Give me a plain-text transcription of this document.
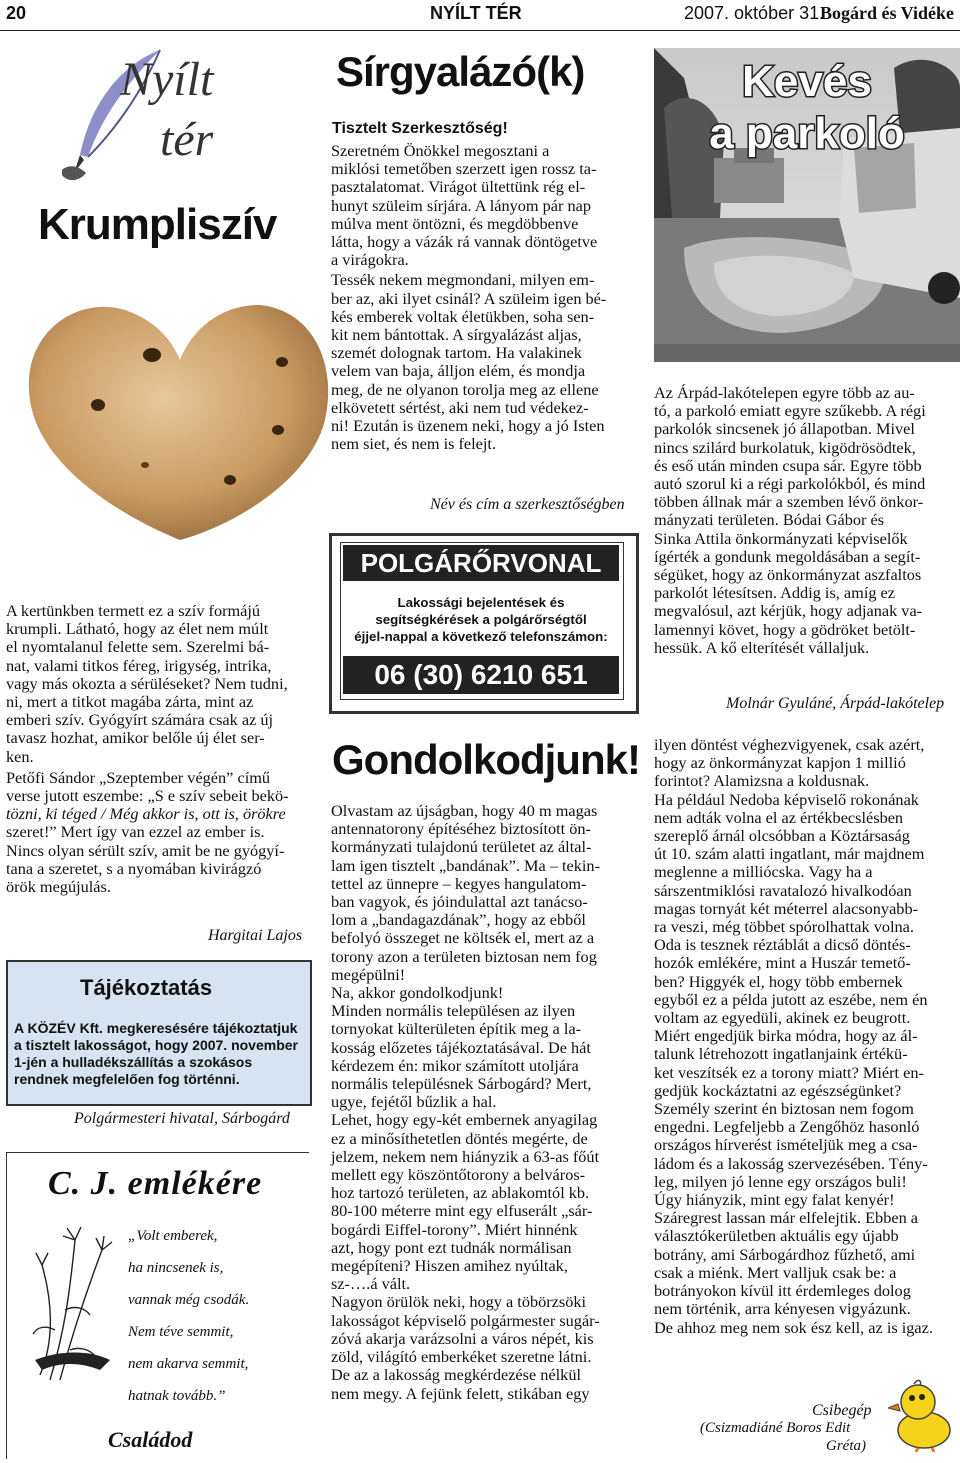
20	NYÍLT TÉR	2007. október 31.
Bogárd és Vidéke
Nyílt
tér
Krumpliszív

A kertünkben termett ez a szív formájú

krumpli. Látható, hogy az élet nem múlt

el nyomtalanul felette sem. Szerelmi bá-

nat, valami titkos féreg, irigység, intrika,

vagy más okozta a sérüléseket? Nem tudni,

ni, mert a titkot magába zárta, mint az

emberi szív. Gyógyírt számára csak az új

tavasz hozhat, amikor belőle új élet ser-

ken.

Petőfi Sándor „Szeptember végén” című

verse jutott eszembe: „S e szív sebeit bekö-

tözni, ki téged / Még akkor is, ott is, örökre

szeret!” Mert így van ezzel az ember is.

Nincs olyan sérült szív, amit be ne gyógyí-

tana a szeretet, s a nyomában kivirágzó

örök megújulás.

Hargitai Lajos
Tájékoztatás
A KÖZÉV Kft. megkeresésére tájékoztatjuk a tisztelt lakosságot, hogy 2007. november 1-jén a hulladékszállítás a szokásos rendnek megfelelően fog történni.
Polgármesteri hivatal, Sárbogárd
C. J. emlékére
„Volt emberek,
ha nincsenek is,
vannak még csodák.
Nem téve semmit,
nem akarva semmit,
hatnak tovább.”
Családod
Sírgyalázó(k)
Tisztelt Szerkesztőség!

Szeretném Önökkel megosztani a

miklósi temetőben szerzett igen rossz ta-

pasztalatomat. Virágot ültettünk rég el-

hunyt szüleim sírjára. A lányom pár nap

múlva ment öntözni, és megdöbbenve

látta, hogy a vázák rá vannak döntögetve

a virágokra.

Tessék nekem megmondani, milyen em-

ber az, aki ilyet csinál? A szüleim igen bé-

kés emberek voltak életükben, soha sen-

kit nem bántottak. A sírgyalázást aljas,

szemét dolognak tartom. Ha valakinek

velem van baja, álljon elém, és mondja

meg, de ne olyanon torolja meg az ellene

elkövetett sértést, aki nem tud védekez-

ni! Ezután is üzenem neki, hogy a jó Isten

nem siet, és nem is felejt.

Név és cím a szerkesztőségben
POLGÁRŐRVONAL
Lakossági bejelentések és
segítségkérések a polgárőrségtől
éjjel-nappal a következő telefonszámon:
06 (30) 6210 651
Gondolkodjunk!

Olvastam az újságban, hogy 40 m magas

antennatorony építéséhez biztosított ön-

kormányzati tulajdonú területet az által-

lam igen tisztelt „bandának”. Ma – tekin-

tettel az ünnepre – kegyes hangulatom-

ban vagyok, és jóindulattal azt tanácso-

lom a „bandagazdának”, hogy az ebből

befolyó összeget ne költsék el, mert az a

torony azon a területen biztosan nem fog

megépülni!

Na, akkor gondolkodjunk!

Minden normális településen az ilyen

tornyokat külterületen építik meg a la-

kosság előzetes tájékoztatásával. De hát

kérdezem én: mikor számított utoljára

normális településnek Sárbogárd? Mert,

ugye, fejétől bűzlik a hal.

Lehet, hogy egy-két embernek anyagilag

ez a minősíthetetlen döntés megérte, de

jelzem, nekem nem hiányzik a 63-as főút

mellett egy köszöntőtorony a belváros-

hoz tartozó területen, az ablakomtól kb.

80-100 méterre mint egy elfuserált „sár-

bogárdi Eiffel-torony”. Miért hinnénk

azt, hogy pont ezt tudnák normálisan

megépíteni? Hiszen amihez nyúltak,

sz-….á vált.

Nagyon örülök neki, hogy a töbörzsöki

lakosságot képviselő polgármester sugár-

zóvá akarja varázsolni a város népét, kis

zöld, világító emberkéket szeretne látni.

De az a lakosság megkérdezése nélkül

nem megy. A fejünk felett, stikában egy

Kevés
a parkoló

Az Árpád-lakótelepen egyre több az au-

tó, a parkoló emiatt egyre szűkebb. A régi

parkolók sincsenek jó állapotban. Mivel

nincs szilárd burkolatuk, kigödrösödtek,

és eső után minden csupa sár. Egyre több

autó szorul ki a régi parkolókból, és mind

többen állnak már a szemben lévő önkor-

mányzati területen. Bódai Gábor és

Sinka Attila önkormányzati képviselők

ígérték a gondunk megoldásában a segít-

ségüket, hogy az önkormányzat aszfaltos

parkolót létesítsen. Addig is, amíg ez

megvalósul, azt kérjük, hogy adjanak va-

lamennyi követ, hogy a gödröket betölt-

hessük. A kő elterítését vállaljuk.

Molnár Gyuláné, Árpád-lakótelep

ilyen döntést véghezvigyenek, csak azért,

hogy az önkormányzat kapjon 1 millió

forintot? Alamizsna a koldusnak.

Ha például Nedoba képviselő rokonának

nem adták volna el az értékbecslésben

szereplő árnál olcsóbban a Köztársaság

út 10. szám alatti ingatlant, már majdnem

meglenne a milliócska. Vagy ha a

sárszentmiklósi ravatalozó hivalkodóan

magas tornyát két méterrel alacsonyabb-

ra veszi, még többet spórolhattak volna.

Oda is tesznek réztáblát a dicső döntés-

hozók emlékére, mint a Huszár temető-

ben? Higgyék el, hogy több embernek

egyből ez a példa jutott az eszébe, nem én

voltam az egyedüli, akinek ez beugrott.

Miért engedjük birka módra, hogy az ál-

talunk létrehozott ingatlanjaink értékü-

ket veszítsék ez a torony miatt? Miért en-

gedjük kockáztatni az egészségünket?

Személy szerint én biztosan nem fogom

engedni. Legfeljebb a Zengőhöz hasonló

országos hírverést ismételjük meg a csa-

ládom és a lakosság szervezésében. Tény-

leg, milyen jó lenne egy országos buli!

Úgy hiányzik, mint egy falat kenyér!

Száregrest lassan már elfelejtik. Ebben a

választókerületben aktuális egy újabb

botrány, ami Sárbogárdhoz fűzhető, ami

csak a miénk. Mert valljuk csak be: a

botrányokon kívül itt érdemleges dolog

nem történik, arra kényesen vigyázunk.

De ahhoz meg nem sok ész kell, az is igaz.

Csibegép
(Csizmadiáné Boros Edit
Gréta)
